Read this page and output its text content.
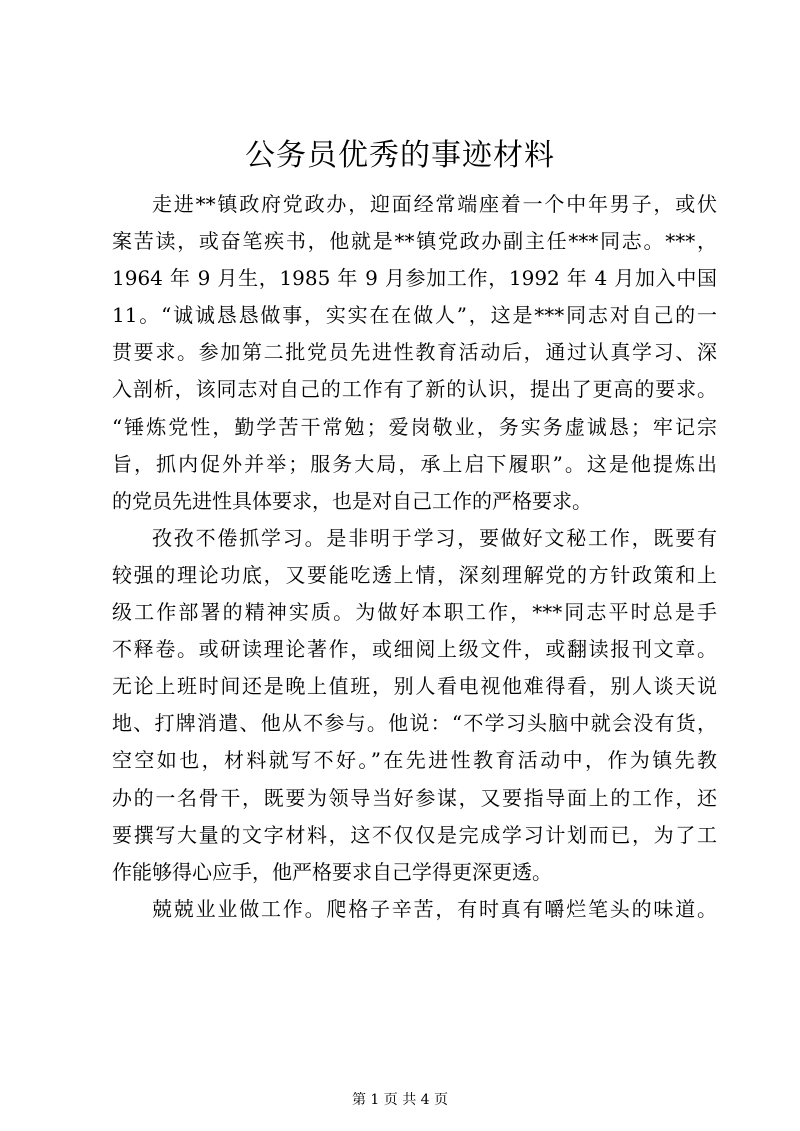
公务员优秀的事迹材料
走进**镇政府党政办，迎面经常端座着一个中年男子，或伏
案苦读，或奋笔疾书，他就是**镇党政办副主任***同志。***，
1964 年 9 月生，1985 年 9 月参加工作，1992 年 4 月加入中国
11。“诚诚恳恳做事，实实在在做人”，这是***同志对自己的一
贯要求。参加第二批党员先进性教育活动后，通过认真学习、深
入剖析，该同志对自己的工作有了新的认识，提出了更高的要求。
“锤炼党性，勤学苦干常勉；爱岗敬业，务实务虚诚恳；牢记宗
旨，抓内促外并举；服务大局，承上启下履职”。这是他提炼出
的党员先进性具体要求，也是对自己工作的严格要求。
孜孜不倦抓学习。是非明于学习，要做好文秘工作，既要有
较强的理论功底，又要能吃透上情，深刻理解党的方针政策和上
级工作部署的精神实质。为做好本职工作，***同志平时总是手
不释卷。或研读理论著作，或细阅上级文件，或翻读报刊文章。
无论上班时间还是晚上值班，别人看电视他难得看，别人谈天说
地、打牌消遣、他从不参与。他说：“不学习头脑中就会没有货，
空空如也，材料就写不好。”在先进性教育活动中，作为镇先教
办的一名骨干，既要为领导当好参谋，又要指导面上的工作，还
要撰写大量的文字材料，这不仅仅是完成学习计划而已，为了工
作能够得心应手，他严格要求自己学得更深更透。
兢兢业业做工作。爬格子辛苦，有时真有嚼烂笔头的味道。
第 1 页 共 4 页
